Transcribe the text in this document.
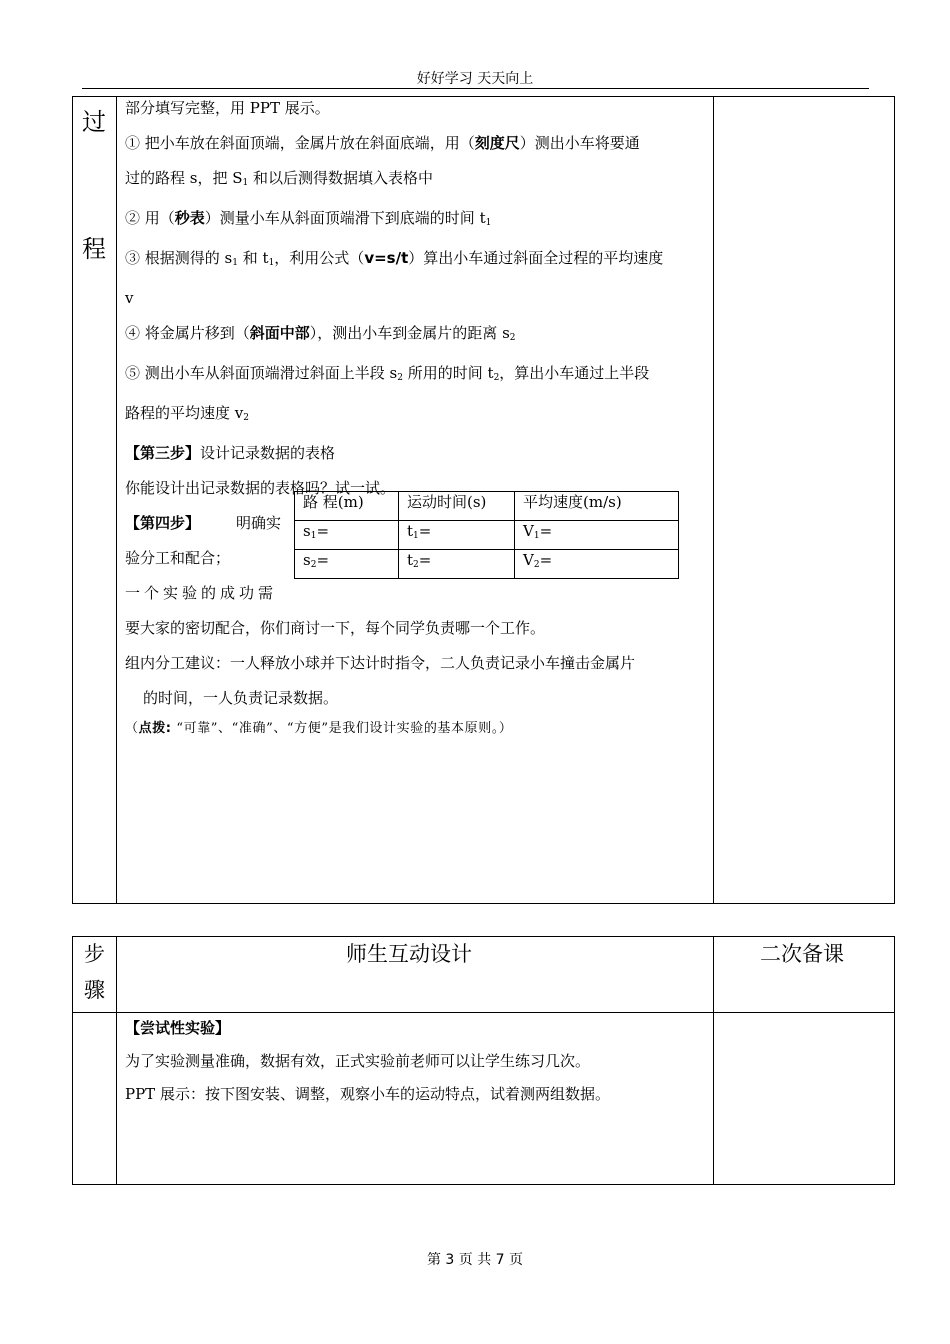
好好学习 天天向上
过
程

部分填写完整，用 PPT 展示。

① 把小车放在斜面顶端，金属片放在斜面底端，用（刻度尺）测出小车将要通

过的路程 s，把 $S_1$ 和以后测得数据填入表格中

② 用（秒表）测量小车从斜面顶端滑下到底端的时间 $t_1$

③ 根据测得的 $s_1$ 和 $t_1$，利用公式（v=s/t）算出小车通过斜面全过程的平均速度

v

④ 将金属片移到（斜面中部），测出小车到金属片的距离 $s_2$

⑤ 测出小车从斜面顶端滑过斜面上半段 $s_2$ 所用的时间 $t_2$，算出小车通过上半段

路程的平均速度 $v_2$

【第三步】设计记录数据的表格

你能设计出记录数据的表格吗？试一试。

【第四步】 明确实

验分工和配合；

一个实验的成功需

要大家的密切配合，你们商讨一下，每个同学负责哪一个工作。

组内分工建议：一人释放小球并下达计时指令，二人负责记录小车撞击金属片

的时间，一人负责记录数据。

（点拨: “可靠”、“准确”、“方便”是我们设计实验的基本原则。）

路 程(m)	运动时间(s)	平均速度(m/s)
$s_1=$	$t_1=$	$V_1=$
$s_2=$	$t_2=$	$V_2=$
步
骤
师生互动设计	二次备课

【尝试性实验】

为了实验测量准确，数据有效，正式实验前老师可以让学生练习几次。

PPT 展示：按下图安装、调整，观察小车的运动特点，试着测两组数据。

第 3 页 共 7 页
